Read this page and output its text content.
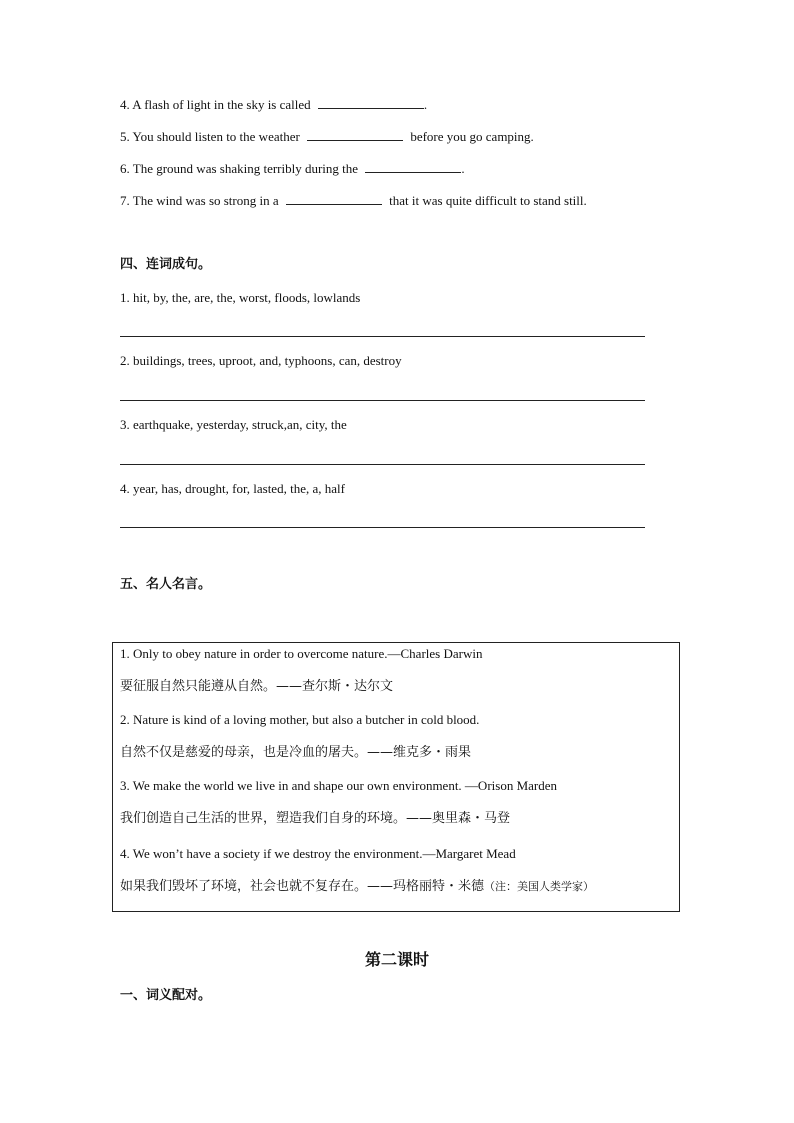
4. A flash of light in the sky is called	.
5. You should listen to the weather	before you go camping.
6. The ground was shaking terribly during the	.
7. The wind was so strong in a	that it was quite difficult to stand still.
四、连词成句。
1. hit, by, the, are, the, worst, floods, lowlands
2. buildings, trees, uproot, and, typhoons, can, destroy
3. earthquake, yesterday, struck,an, city, the
4. year, has, drought, for, lasted, the, a, half
五、名人名言。
1. Only to obey nature in order to overcome nature.—Charles Darwin
要征服自然只能遵从自然。——查尔斯・达尔文
2. Nature is kind of a loving mother, but also a butcher in cold blood.
自然不仅是慈爱的母亲，也是冷血的屠夫。——维克多・雨果
3. We make the world we live in and shape our own environment. —Orison Marden
我们创造自己生活的世界，塑造我们自身的环境。——奥里森・马登
4. We won’t have a society if we destroy the environment.—Margaret Mead
如果我们毁坏了环境，社会也就不复存在。——玛格丽特・米德（注：美国人类学家）
第二课时
一、词义配对。
